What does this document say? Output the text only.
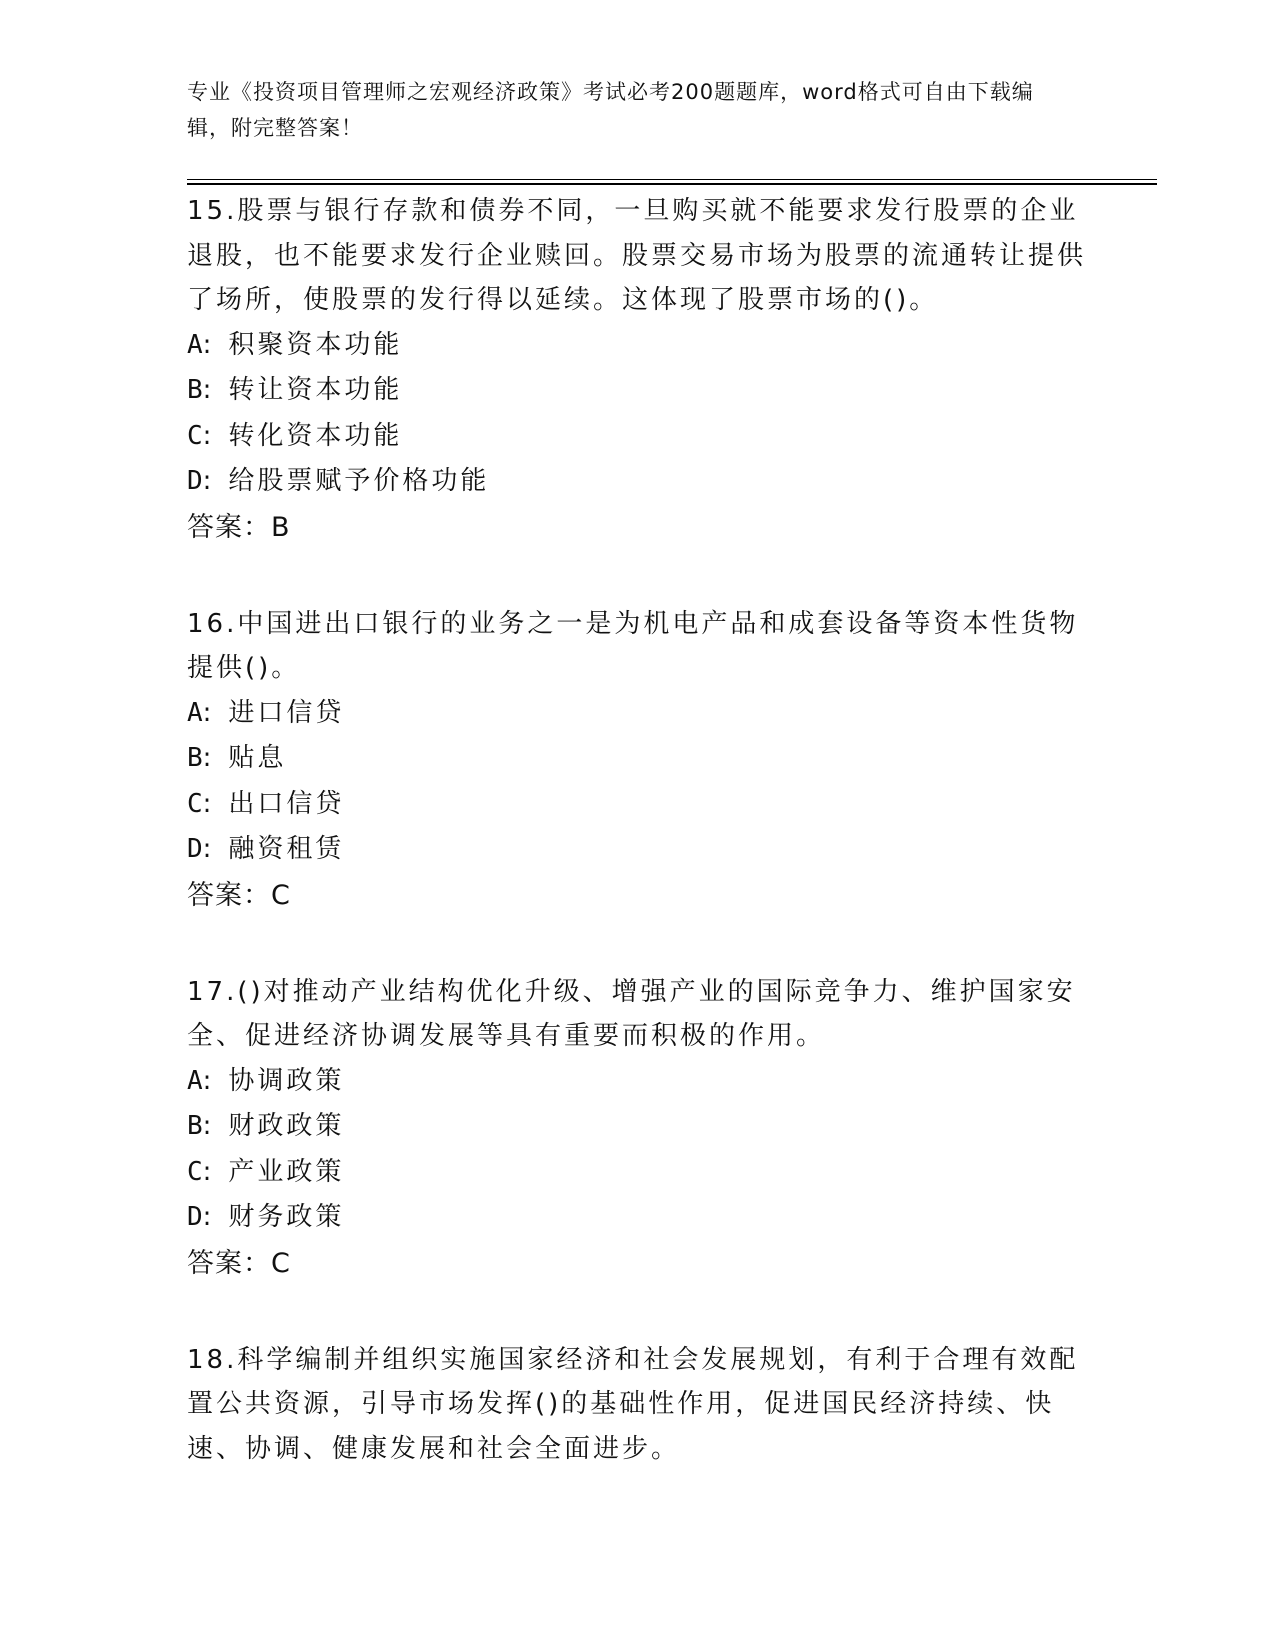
专业《投资项目管理师之宏观经济政策》考试必考200题题库，word格式可自由下载编辑，附完整答案！

15.股票与银行存款和债券不同，一旦购买就不能要求发行股票的企业退股，也不能要求发行企业赎回。股票交易市场为股票的流通转让提供了场所，使股票的发行得以延续。这体现了股票市场的()。

A: 积聚资本功能
B: 转让资本功能
C: 转化资本功能
D: 给股票赋予价格功能

答案：B

16.中国进出口银行的业务之一是为机电产品和成套设备等资本性货物提供()。

A: 进口信贷
B: 贴息
C: 出口信贷
D: 融资租赁

答案：C

17.()对推动产业结构优化升级、增强产业的国际竞争力、维护国家安全、促进经济协调发展等具有重要而积极的作用。

A: 协调政策
B: 财政政策
C: 产业政策
D: 财务政策

答案：C

18.科学编制并组织实施国家经济和社会发展规划，有利于合理有效配置公共资源，引导市场发挥()的基础性作用，促进国民经济持续、快速、协调、健康发展和社会全面进步。
